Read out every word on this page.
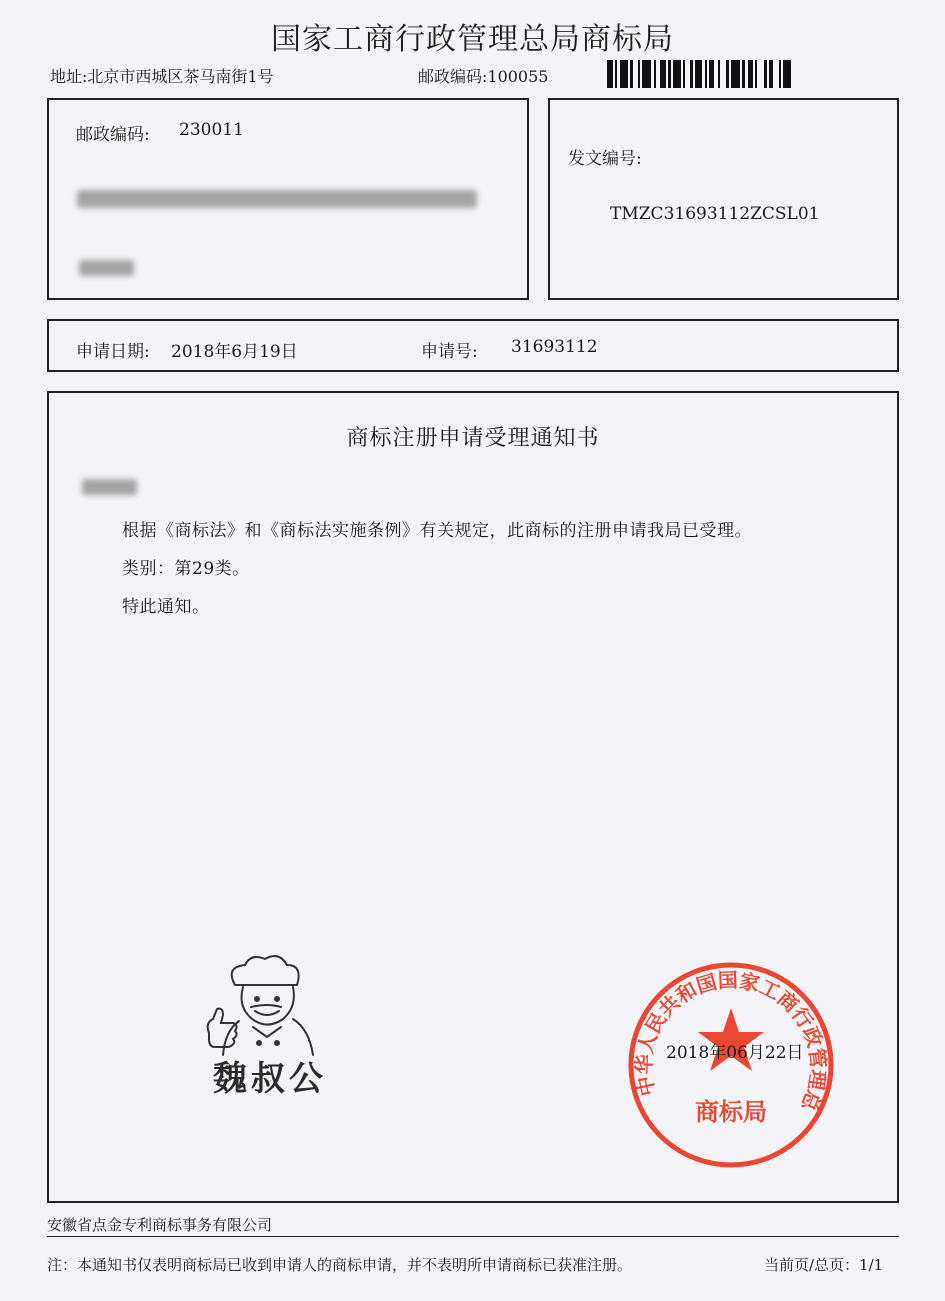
国家工商行政管理总局商标局
地址:北京市西城区茶马南街1号	邮政编码:100055
邮政编码: 230011
发文编号:
TMZC31693112ZCSL01
申请日期: 2018年6月19日	申请号: 31693112
商标注册申请受理通知书
根据《商标法》和《商标法实施条例》有关规定，此商标的注册申请我局已受理。
类别：第29类。
特此通知。
魏叔公	中华人民共和国国家工商行政管理总
商标局
2018年06月22日
安徽省点金专利商标事务有限公司
注：本通知书仅表明商标局已收到申请人的商标申请，并不表明所申请商标已获准注册。	当前页/总页：1/1
